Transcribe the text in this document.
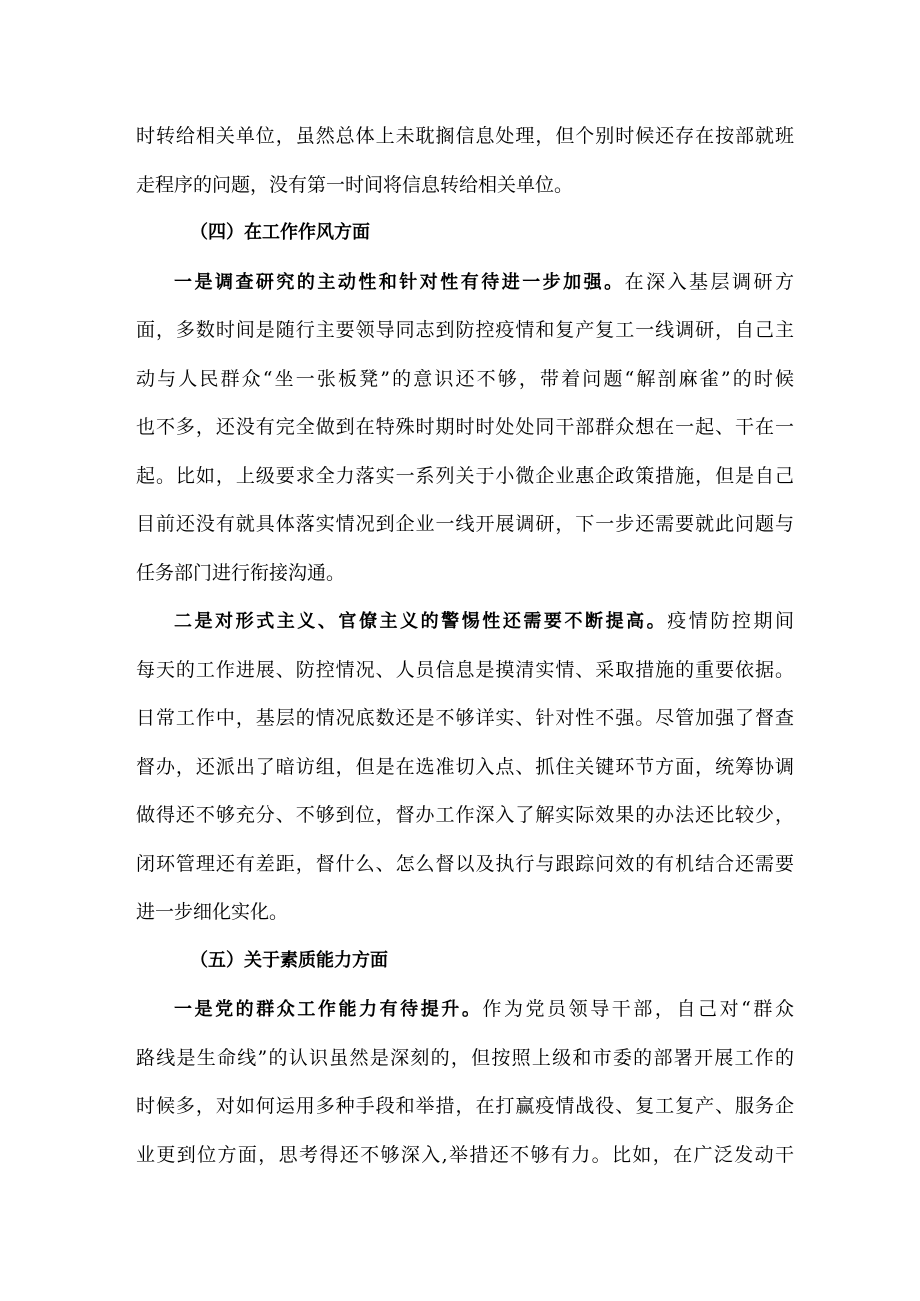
时转给相关单位，虽然总体上未耽搁信息处理，但个别时候还存在按部就班
走程序的问题，没有第一时间将信息转给相关单位。
（四）在工作作风方面
一是调查研究的主动性和针对性有待进一步加强。在深入基层调研方
面，多数时间是随行主要领导同志到防控疫情和复产复工一线调研，自己主
动与人民群众“坐一张板凳”的意识还不够，带着问题“解剖麻雀”的时候
也不多，还没有完全做到在特殊时期时时处处同干部群众想在一起、干在一
起。比如，上级要求全力落实一系列关于小微企业惠企政策措施，但是自己
目前还没有就具体落实情况到企业一线开展调研，下一步还需要就此问题与
任务部门进行衔接沟通。
二是对形式主义、官僚主义的警惕性还需要不断提高。疫情防控期间
每天的工作进展、防控情况、人员信息是摸清实情、采取措施的重要依据。
日常工作中，基层的情况底数还是不够详实、针对性不强。尽管加强了督查
督办，还派出了暗访组，但是在选准切入点、抓住关键环节方面，统筹协调
做得还不够充分、不够到位，督办工作深入了解实际效果的办法还比较少，
闭环管理还有差距，督什么、怎么督以及执行与跟踪问效的有机结合还需要
进一步细化实化。
（五）关于素质能力方面
一是党的群众工作能力有待提升。作为党员领导干部，自己对“群众
路线是生命线”的认识虽然是深刻的，但按照上级和市委的部署开展工作的
时候多，对如何运用多种手段和举措，在打赢疫情战役、复工复产、服务企
业更到位方面，思考得还不够深入,举措还不够有力。比如，在广泛发动干
